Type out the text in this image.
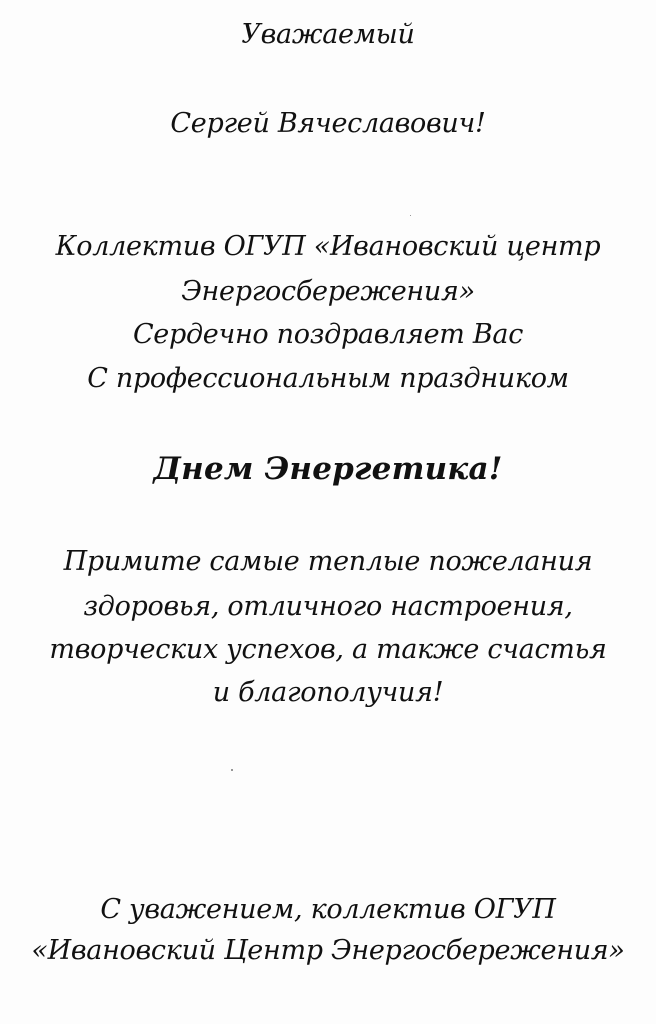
Уважаемый
Сергей Вячеславович!
Коллектив ОГУП «Ивановский центр
Энергосбережения»
Сердечно поздравляет Вас
С профессиональным праздником
Днем Энергетика!
Примите самые теплые пожелания
здоровья, отличного настроения,
творческих успехов, а также счастья
и благополучия!
С уважением, коллектив ОГУП
«Ивановский Центр Энергосбережения»
